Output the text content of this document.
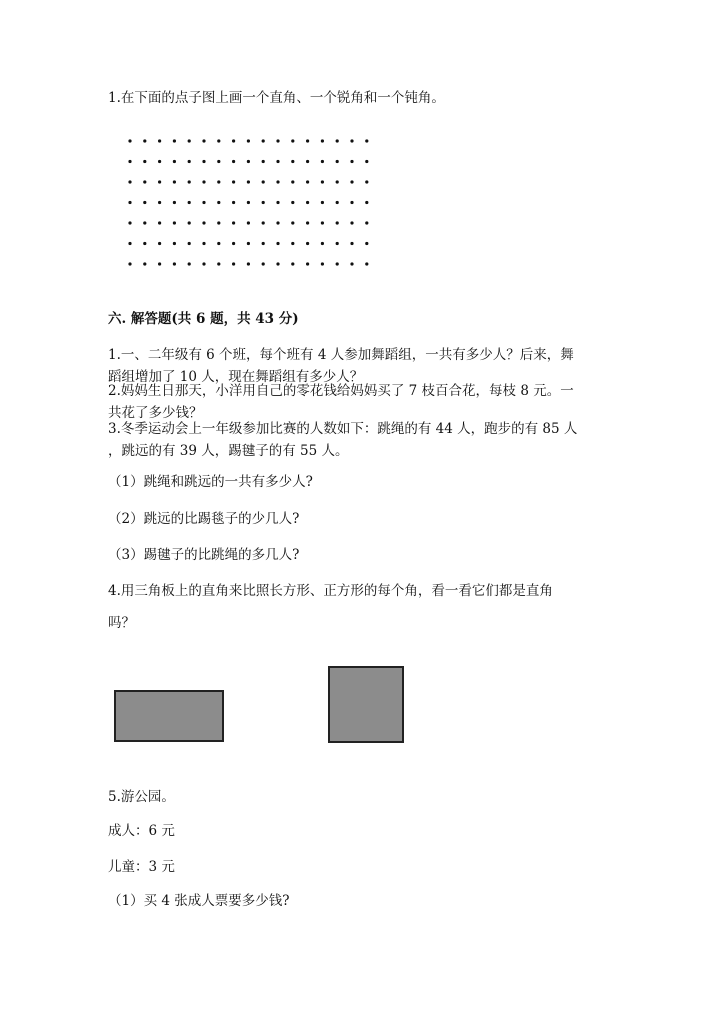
1.在下面的点子图上画一个直角、一个锐角和一个钝角。
六. 解答题(共 6 题，共 43 分)
1.一、二年级有 6 个班，每个班有 4 人参加舞蹈组，一共有多少人？后来，舞蹈组增加了 10 人，现在舞蹈组有多少人？
2.妈妈生日那天，小洋用自己的零花钱给妈妈买了 7 枝百合花，每枝 8 元。一共花了多少钱？
3.冬季运动会上一年级参加比赛的人数如下：跳绳的有 44 人，跑步的有 85 人 ，跳远的有 39 人，踢毽子的有 55 人。
（1）跳绳和跳远的一共有多少人?
（2）跳远的比踢毯子的少几人?
（3）踢毽子的比跳绳的多几人?
4.用三角板上的直角来比照长方形、正方形的每个角，看一看它们都是直角
吗？
5.游公园。
成人：6 元
儿童：3 元
（1）买 4 张成人票要多少钱?
